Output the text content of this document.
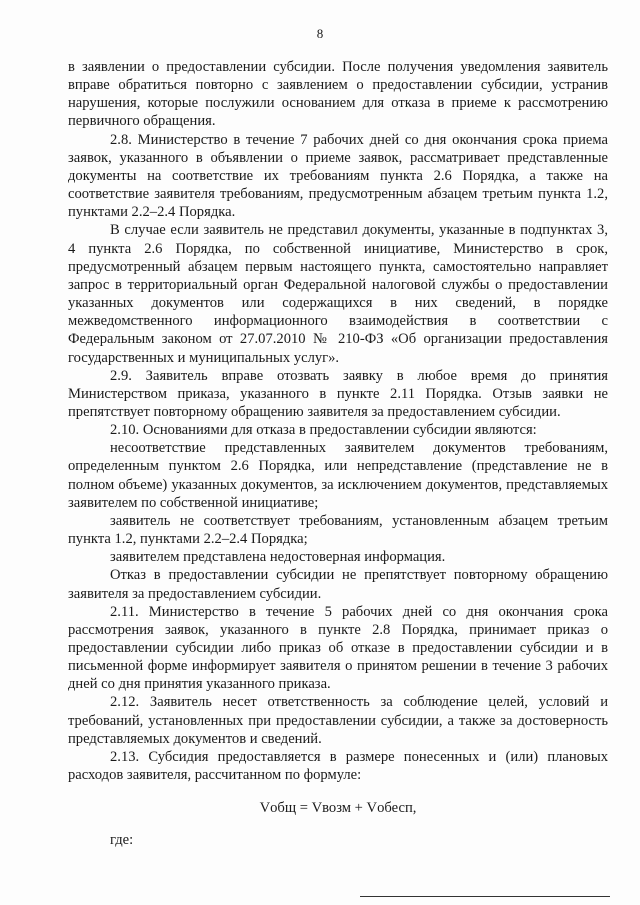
8

в заявлении о предоставлении субсидии. После получения уведомления заявитель вправе обратиться повторно с заявлением о предоставлении субсидии, устранив нарушения, которые послужили основанием для отказа в приеме к рассмотрению первичного обращения.

2.8. Министерство в течение 7 рабочих дней со дня окончания срока приема заявок, указанного в объявлении о приеме заявок, рассматривает представленные документы на соответствие их требованиям пункта 2.6 Порядка, а также на соответствие заявителя требованиям, предусмотренным абзацем третьим пункта 1.2, пунктами 2.2–2.4 Порядка.

В случае если заявитель не представил документы, указанные в подпунктах 3, 4 пункта 2.6 Порядка, по собственной инициативе, Министерство в срок, предусмотренный абзацем первым настоящего пункта, самостоятельно направляет запрос в территориальный орган Федеральной налоговой службы о предоставлении указанных документов или содержащихся в них сведений, в порядке межведомственного информационного взаимодействия в соответствии с Федеральным законом от 27.07.2010 № 210-ФЗ «Об организации предоставления государственных и муниципальных услуг».

2.9. Заявитель вправе отозвать заявку в любое время до принятия Министерством приказа, указанного в пункте 2.11 Порядка. Отзыв заявки не препятствует повторному обращению заявителя за предоставлением субсидии.

2.10. Основаниями для отказа в предоставлении субсидии являются:

несоответствие представленных заявителем документов требованиям, определенным пунктом 2.6 Порядка, или непредставление (представление не в полном объеме) указанных документов, за исключением документов, представляемых заявителем по собственной инициативе;

заявитель не соответствует требованиям, установленным абзацем третьим пункта 1.2, пунктами 2.2–2.4 Порядка;

заявителем представлена недостоверная информация.

Отказ в предоставлении субсидии не препятствует повторному обращению заявителя за предоставлением субсидии.

2.11. Министерство в течение 5 рабочих дней со дня окончания срока рассмотрения заявок, указанного в пункте 2.8 Порядка, принимает приказ о предоставлении субсидии либо приказ об отказе в предоставлении субсидии и в письменной форме информирует заявителя о принятом решении в течение 3 рабочих дней со дня принятия указанного приказа.

2.12. Заявитель несет ответственность за соблюдение целей, условий и требований, установленных при предоставлении субсидии, а также за достоверность представляемых документов и сведений.

2.13. Субсидия предоставляется в размере понесенных и (или) плановых расходов заявителя, рассчитанном по формуле:

Vобщ = Vвозм + Vобесп,

где:
